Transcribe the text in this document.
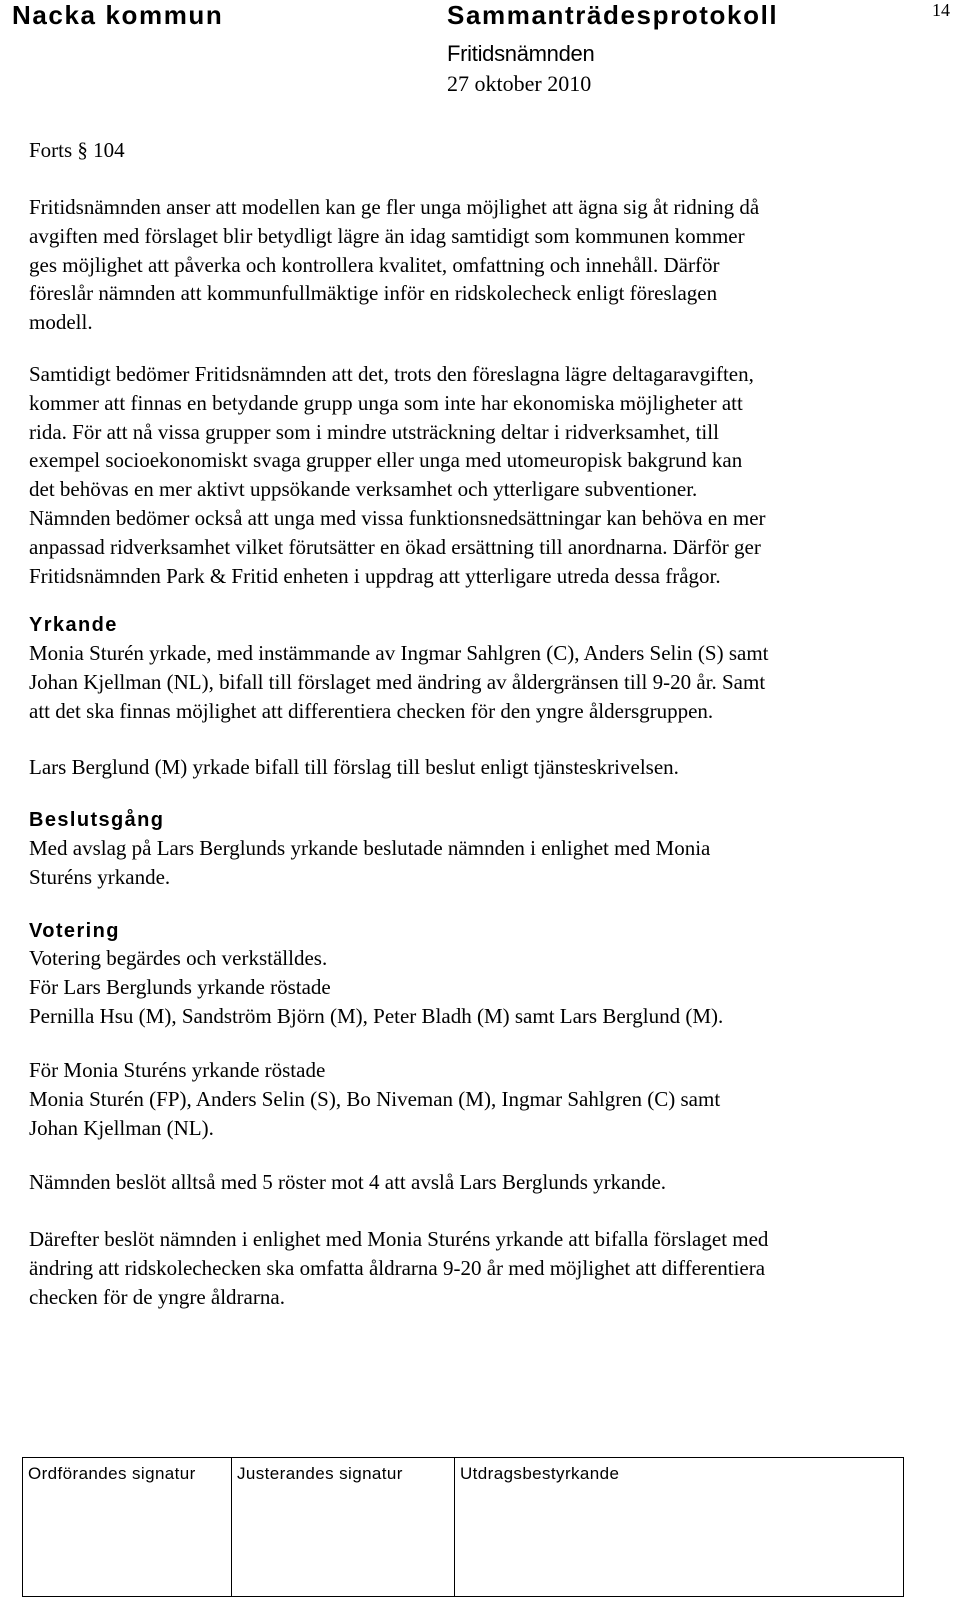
Nacka kommun	Sammanträdesprotokoll	14
Fritidsnämnden
27 oktober 2010
Forts § 104
Fritidsnämnden anser att modellen kan ge fler unga möjlighet att ägna sig åt ridning då
avgiften med förslaget blir betydligt lägre än idag samtidigt som kommunen kommer
ges möjlighet att påverka och kontrollera kvalitet, omfattning och innehåll. Därför
föreslår nämnden att kommunfullmäktige inför en ridskolecheck enligt föreslagen
modell.
Samtidigt bedömer Fritidsnämnden att det, trots den föreslagna lägre deltagaravgiften,
kommer att finnas en betydande grupp unga som inte har ekonomiska möjligheter att
rida. För att nå vissa grupper som i mindre utsträckning deltar i ridverksamhet, till
exempel socioekonomiskt svaga grupper eller unga med utomeuropisk bakgrund kan
det behövas en mer aktivt uppsökande verksamhet och ytterligare subventioner.
Nämnden bedömer också att unga med vissa funktionsnedsättningar kan behöva en mer
anpassad ridverksamhet vilket förutsätter en ökad ersättning till anordnarna. Därför ger
Fritidsnämnden Park & Fritid enheten i uppdrag att ytterligare utreda dessa frågor.
Yrkande
Monia Sturén yrkade, med instämmande av Ingmar Sahlgren (C), Anders Selin (S) samt
Johan Kjellman (NL), bifall till förslaget med ändring av åldergränsen till 9-20 år. Samt
att det ska finnas möjlighet att differentiera checken för den yngre åldersgruppen.
Lars Berglund (M) yrkade bifall till förslag till beslut enligt tjänsteskrivelsen.
Beslutsgång
Med avslag på Lars Berglunds yrkande beslutade nämnden i enlighet med Monia
Sturéns yrkande.
Votering
Votering begärdes och verkställdes.
För Lars Berglunds yrkande röstade
Pernilla Hsu (M), Sandström Björn (M), Peter Bladh (M) samt Lars Berglund (M).
För Monia Sturéns yrkande röstade
Monia Sturén (FP), Anders Selin (S), Bo Niveman (M), Ingmar Sahlgren (C) samt
Johan Kjellman (NL).
Nämnden beslöt alltså med 5 röster mot 4 att avslå Lars Berglunds yrkande.
Därefter beslöt nämnden i enlighet med Monia Sturéns yrkande att bifalla förslaget med
ändring att ridskolechecken ska omfatta åldrarna 9-20 år med möjlighet att differentiera
checken för de yngre åldrarna.
Ordförandes signatur	Justerandes signatur	Utdragsbestyrkande
